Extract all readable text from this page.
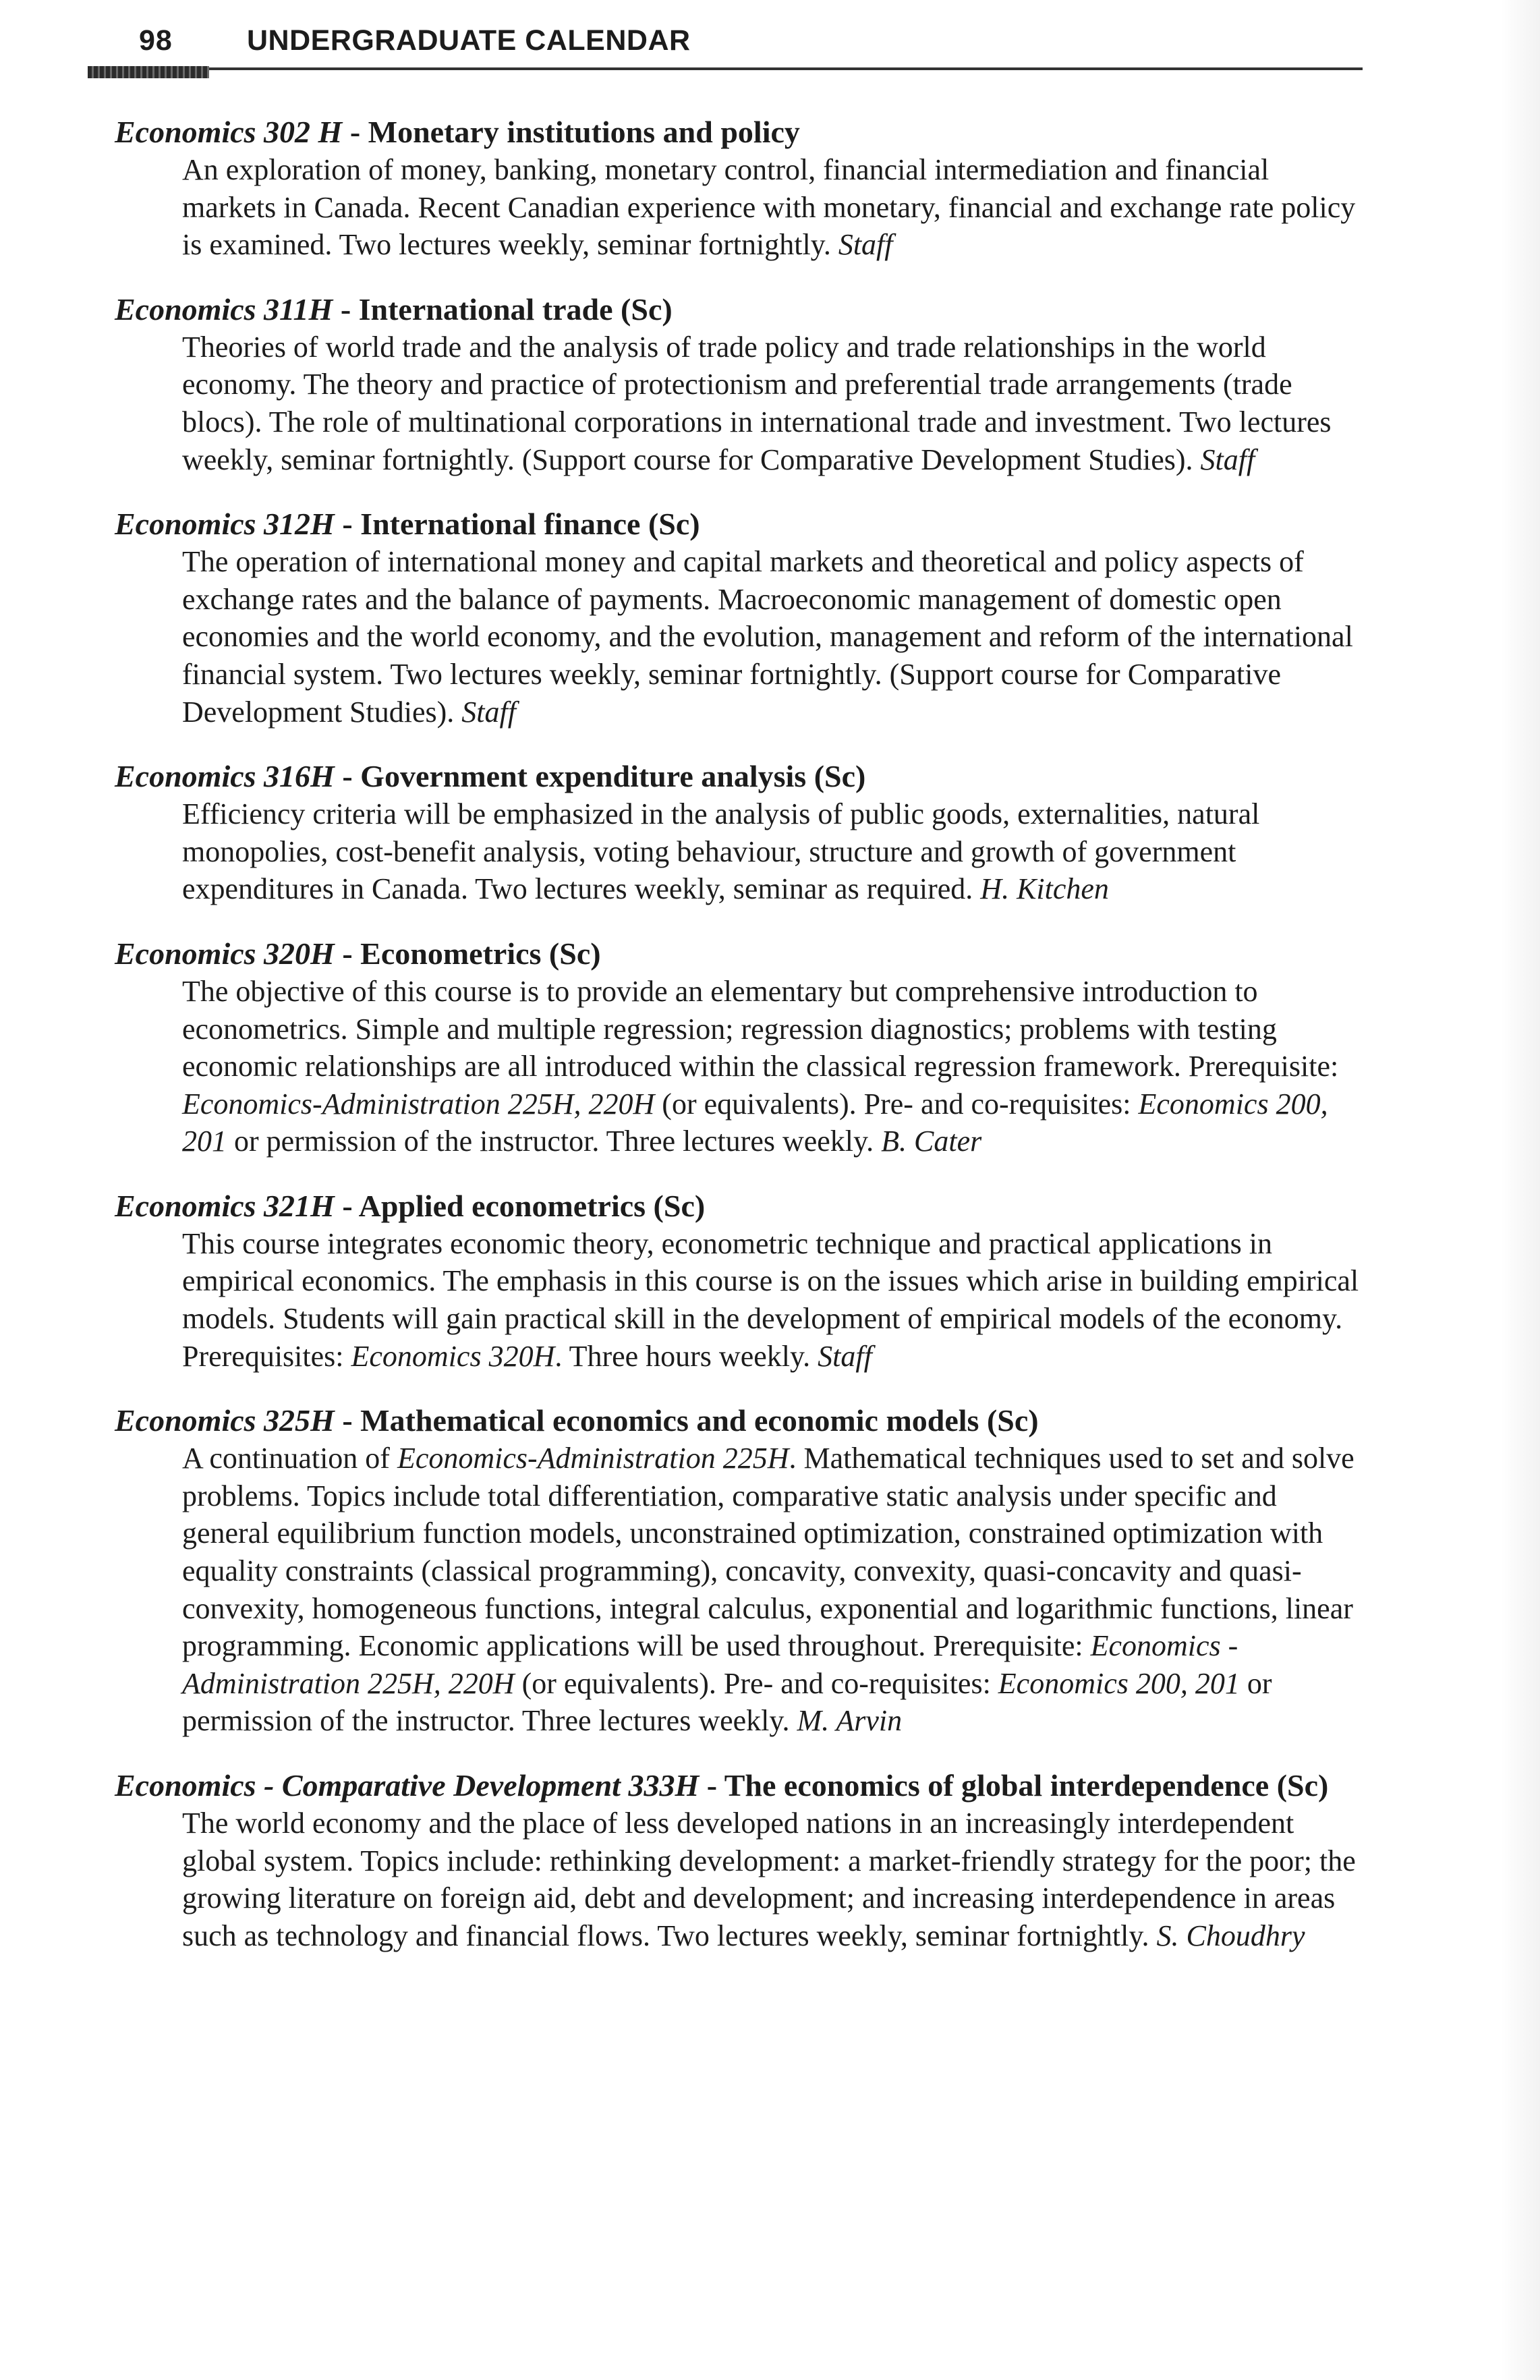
98	UNDERGRADUATE CALENDAR
Economics 302 H - Monetary institutions and policy
An exploration of money, banking, monetary control, financial intermediation and financial markets in Canada. Recent Canadian experience with monetary, financial and exchange rate policy is examined. Two lectures weekly, seminar fortnightly. Staff
Economics 311H - International trade (Sc)
Theories of world trade and the analysis of trade policy and trade relationships in the world economy. The theory and practice of protectionism and preferential trade arrangements (trade blocs). The role of multinational corporations in international trade and investment. Two lectures weekly, seminar fortnightly. (Support course for Comparative Development Studies). Staff
Economics 312H - International finance (Sc)
The operation of international money and capital markets and theoretical and policy aspects of exchange rates and the balance of payments. Macroeconomic management of domestic open economies and the world economy, and the evolution, management and reform of the international financial system. Two lectures weekly, seminar fortnightly. (Support course for Comparative Development Studies). Staff
Economics 316H - Government expenditure analysis (Sc)
Efficiency criteria will be emphasized in the analysis of public goods, externalities, natural monopolies, cost-benefit analysis, voting behaviour, structure and growth of government expenditures in Canada. Two lectures weekly, seminar as required. H. Kitchen
Economics 320H - Econometrics (Sc)
The objective of this course is to provide an elementary but comprehensive introduction to econometrics. Simple and multiple regression; regression diagnostics; problems with testing economic relationships are all introduced within the classical regression framework. Prerequisite: Economics-Administration 225H, 220H (or equivalents). Pre- and co-requisites: Economics 200, 201 or permission of the instructor. Three lectures weekly. B. Cater
Economics 321H - Applied econometrics (Sc)
This course integrates economic theory, econometric technique and practical applications in empirical economics. The emphasis in this course is on the issues which arise in building empirical models. Students will gain practical skill in the development of empirical models of the economy. Prerequisites: Economics 320H. Three hours weekly. Staff
Economics 325H - Mathematical economics and economic models (Sc)
A continuation of Economics-Administration 225H. Mathematical techniques used to set and solve problems. Topics include total differentiation, comparative static analysis under specific and general equilibrium function models, unconstrained optimization, constrained optimization with equality constraints (classical programming), concavity, convexity, quasi-concavity and quasi-convexity, homogeneous functions, integral calculus, exponential and logarithmic functions, linear programming. Economic applications will be used throughout. Prerequisite: Economics - Administration 225H, 220H (or equivalents). Pre- and co-requisites: Economics 200, 201 or permission of the instructor. Three lectures weekly. M. Arvin
Economics - Comparative Development 333H - The economics of global interdependence (Sc)
The world economy and the place of less developed nations in an increasingly interdependent global system. Topics include: rethinking development: a market-friendly strategy for the poor; the growing literature on foreign aid, debt and development; and increasing interdependence in areas such as technology and financial flows. Two lectures weekly, seminar fortnightly. S. Choudhry
